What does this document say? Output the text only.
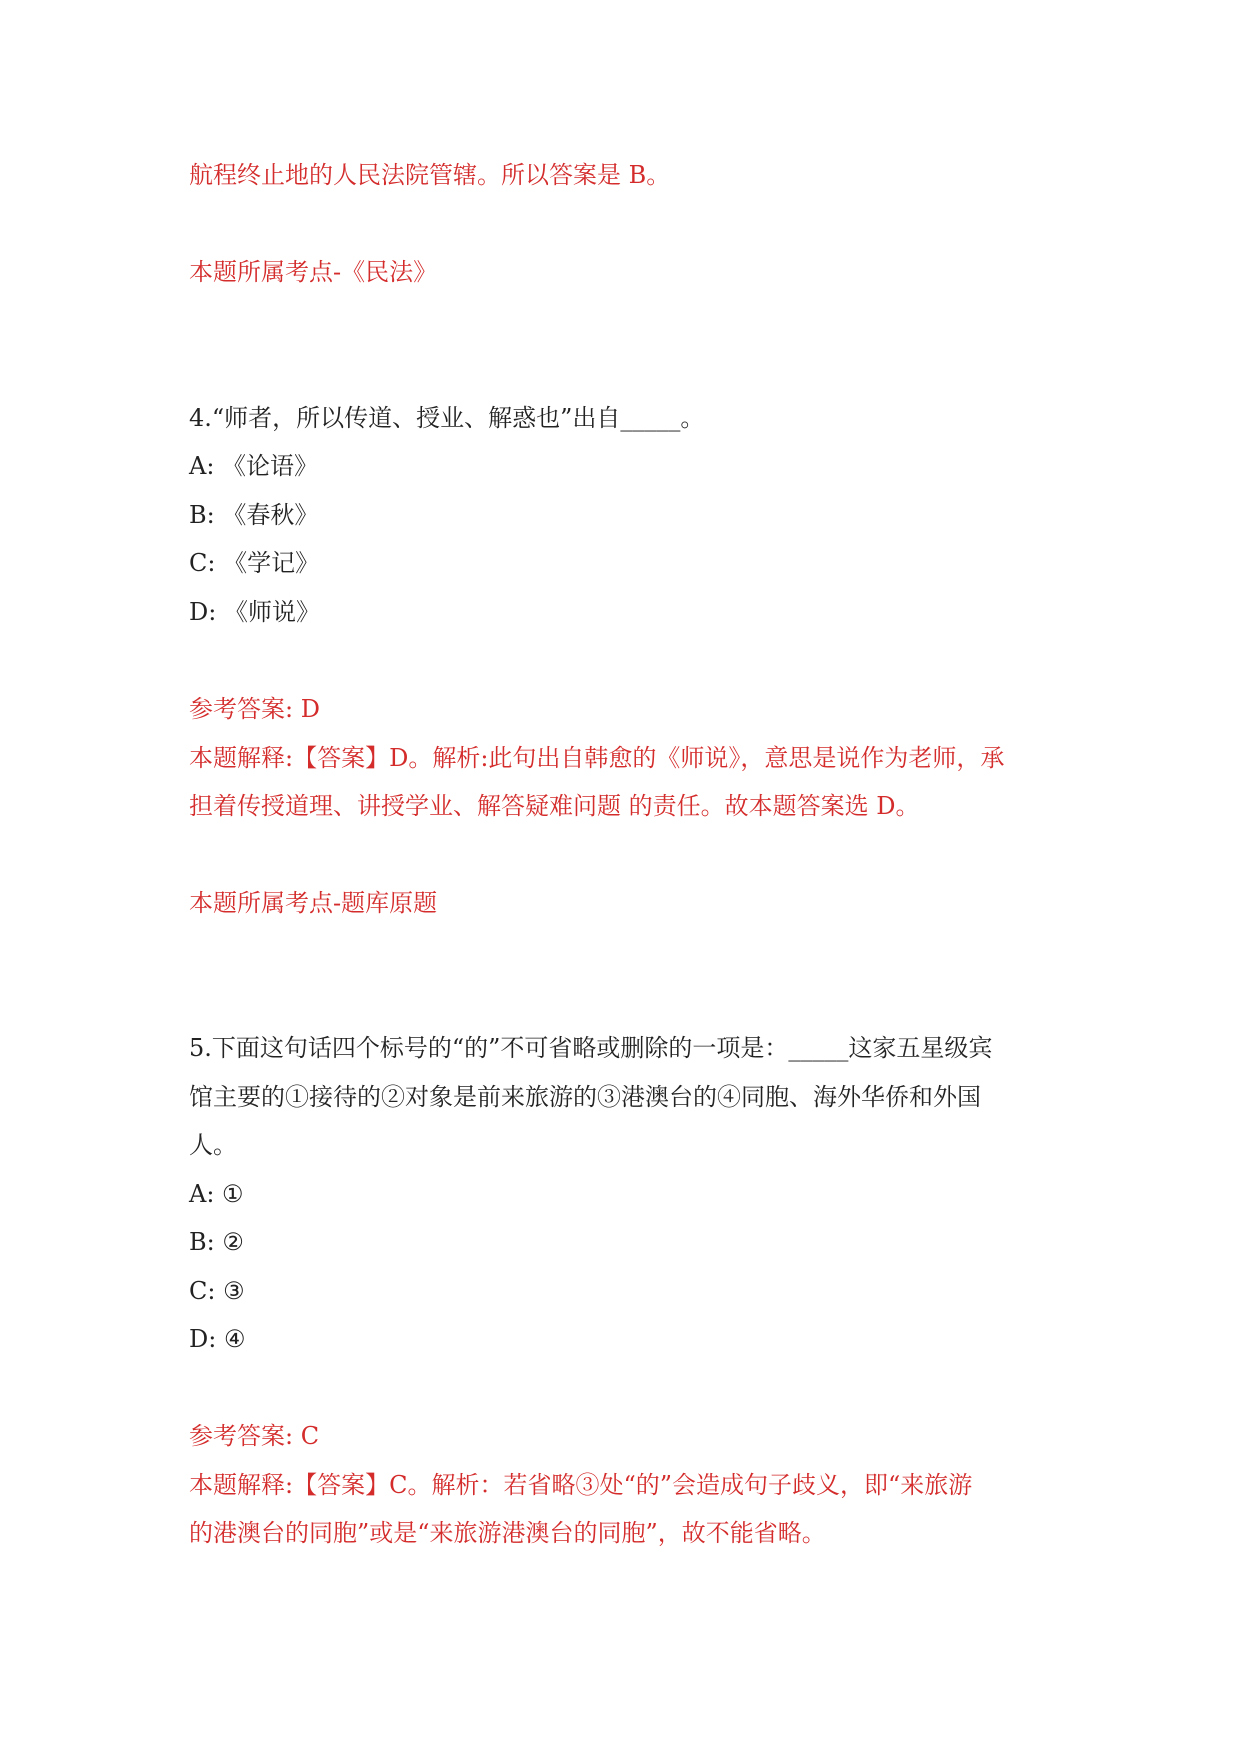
航程终止地的人民法院管辖。所以答案是 B。
本题所属考点-《民法》
4.“师者，所以传道、授业、解惑也”出自_____。
A: 《论语》
B: 《春秋》
C: 《学记》
D: 《师说》
参考答案: D
本题解释:【答案】D。解析:此句出自韩愈的《师说》，意思是说作为老师，承
担着传授道理、讲授学业、解答疑难问题 的责任。故本题答案选 D。
本题所属考点-题库原题
5.下面这句话四个标号的“的”不可省略或删除的一项是：_____这家五星级宾
馆主要的①接待的②对象是前来旅游的③港澳台的④同胞、海外华侨和外国
人。
A: ①
B: ②
C: ③
D: ④
参考答案: C
本题解释:【答案】C。解析：若省略③处“的”会造成句子歧义，即“来旅游
的港澳台的同胞”或是“来旅游港澳台的同胞”，故不能省略。
